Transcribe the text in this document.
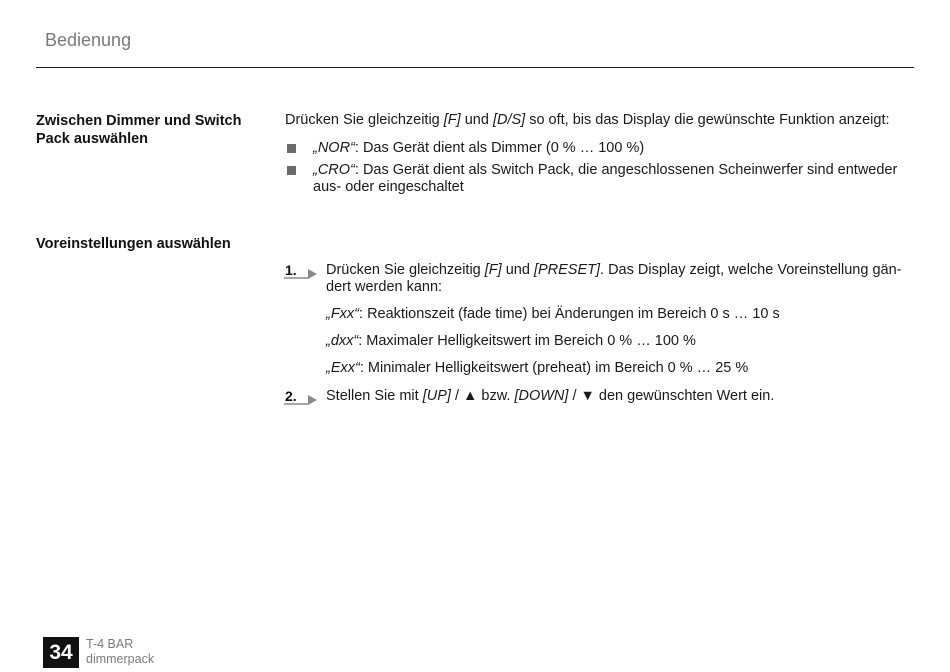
Bedienung
Zwischen Dimmer und Switch Pack auswählen
Drücken Sie gleichzeitig [F] und [D/S] so oft, bis das Display die gewünschte Funktion anzeigt:
„NOR“: Das Gerät dient als Dimmer (0 % … 100 %)
„CRO“: Das Gerät dient als Switch Pack, die angeschlossenen Scheinwerfer sind entweder aus- oder eingeschaltet
Voreinstellungen auswählen
1. Drücken Sie gleichzeitig [F] und [PRESET]. Das Display zeigt, welche Voreinstellung gän-
dert werden kann:
„Fxx“: Reaktionszeit (fade time) bei Änderungen im Bereich 0 s … 10 s
„dxx“: Maximaler Helligkeitswert im Bereich 0 % … 100 %
„Exx“: Minimaler Helligkeitswert (preheat) im Bereich 0 % … 25 %
2. Stellen Sie mit [UP] / ▲ bzw. [DOWN] / ▼ den gewünschten Wert ein.
34	T-4 BAR
dimmerpack
